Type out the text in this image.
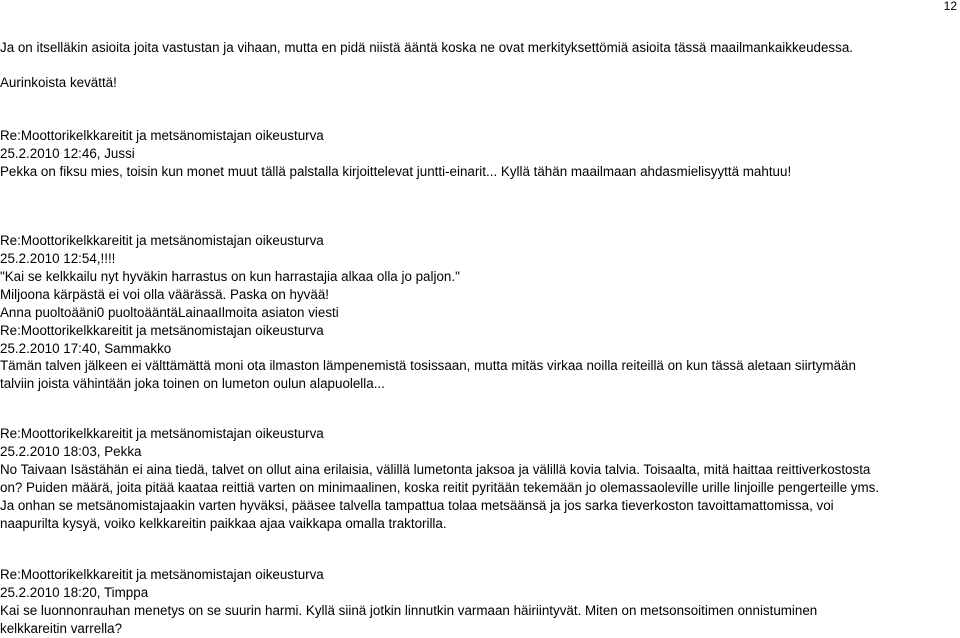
12
Ja on itselläkin asioita joita vastustan ja vihaan, mutta en pidä niistä ääntä koska ne ovat merkityksettömiä asioita tässä maailmankaikkeudessa.
Aurinkoista kevättä!
Re:Moottorikelkkareitit ja metsänomistajan oikeusturva
25.2.2010 12:46, Jussi
Pekka on fiksu mies, toisin kun monet muut tällä palstalla kirjoittelevat juntti-einarit... Kyllä tähän maailmaan ahdasmielisyyttä mahtuu!
Re:Moottorikelkkareitit ja metsänomistajan oikeusturva
25.2.2010 12:54,!!!!
"Kai se kelkkailu nyt hyväkin harrastus on kun harrastajia alkaa olla jo paljon."
Miljoona kärpästä ei voi olla väärässä. Paska on hyvää!
Anna puoltoääni0 puoltoääntäLainaaIlmoita asiaton viesti
Re:Moottorikelkkareitit ja metsänomistajan oikeusturva
25.2.2010 17:40, Sammakko
Tämän talven jälkeen ei välttämättä moni ota ilmaston lämpenemistä tosissaan, mutta mitäs virkaa noilla reiteillä on kun tässä aletaan siirtymään
talviin joista vähintään joka toinen on lumeton oulun alapuolella...
Re:Moottorikelkkareitit ja metsänomistajan oikeusturva
25.2.2010 18:03, Pekka
No Taivaan Isästähän ei aina tiedä, talvet on ollut aina erilaisia, välillä lumetonta jaksoa ja välillä kovia talvia. Toisaalta, mitä haittaa reittiverkostosta
on? Puiden määrä, joita pitää kaataa reittiä varten on minimaalinen, koska reitit pyritään tekemään jo olemassaoleville urille linjoille pengerteille yms.
Ja onhan se metsänomistajaakin varten hyväksi, pääsee talvella tampattua tolaa metsäänsä ja jos sarka tieverkoston tavoittamattomissa, voi
naapurilta kysyä, voiko kelkkareitin paikkaa ajaa vaikkapa omalla traktorilla.
Re:Moottorikelkkareitit ja metsänomistajan oikeusturva
25.2.2010 18:20, Timppa
Kai se luonnonrauhan menetys on se suurin harmi. Kyllä siinä jotkin linnutkin varmaan häiriintyvät. Miten on metsonsoitimen onnistuminen
kelkkareitin varrella?
